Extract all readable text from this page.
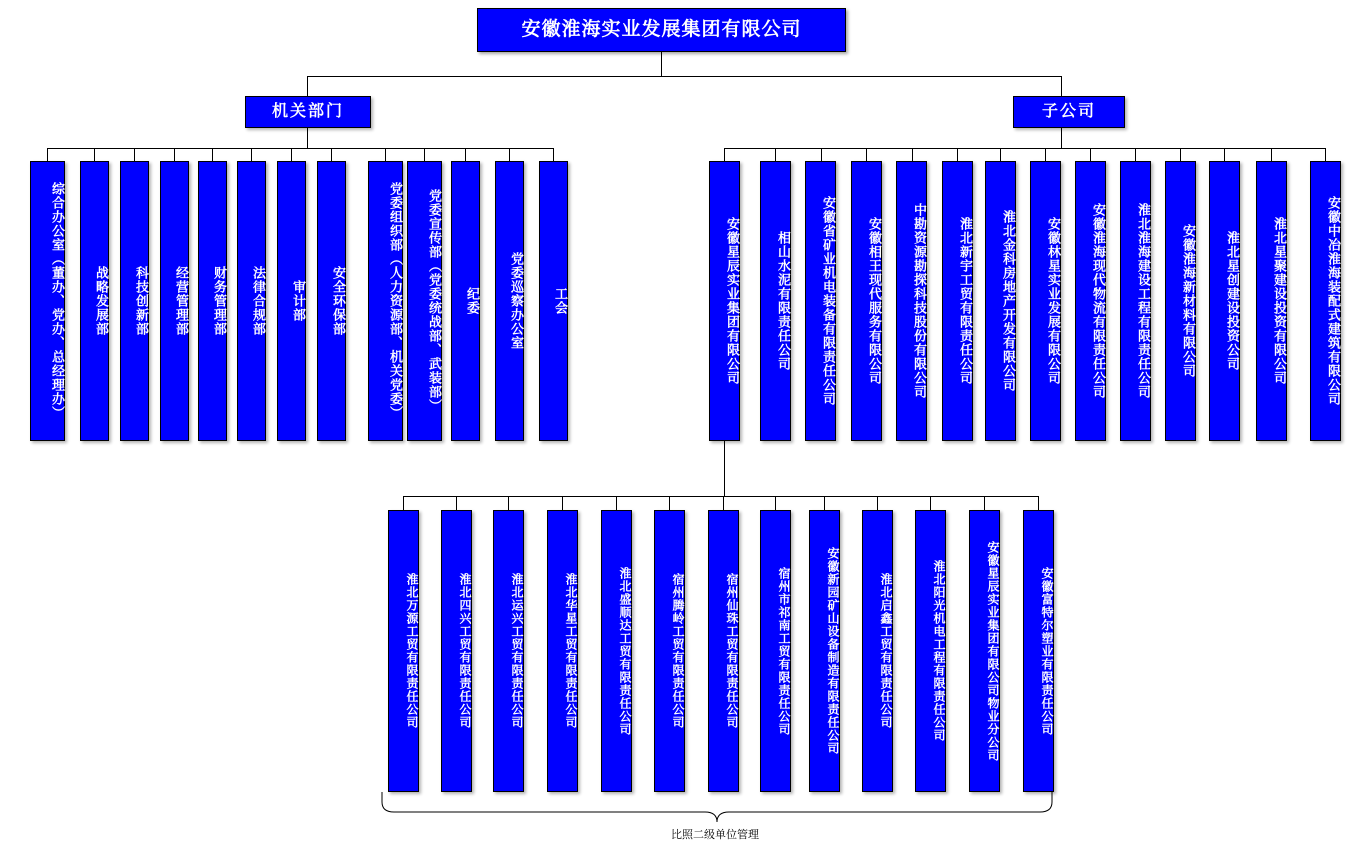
安徽淮海实业发展集团有限公司
机关部门	子公司
综合办公室（董办、党办、总经理办）	战略发展部	科技创新部	经营管理部	财务管理部	法律合规部	审计部	安全环保部	党委组织部（人力资源部、机关党委）	党委宣传部（党委统战部、武装部）	纪委	党委巡察办公室	工会	安徽星辰实业集团有限公司	相山水泥有限责任公司	安徽省矿业机电装备有限责任公司	安徽相王现代服务有限公司	中勘资源勘探科技股份有限公司	淮北新宇工贸有限责任公司	淮北金科房地产开发有限公司	安徽林星实业发展有限公司	安徽淮海现代物流有限责任公司	淮北淮海建设工程有限责任公司	安徽淮海新材料有限公司	淮北星创建设投资公司	淮北星聚建设投资有限公司	安徽中冶淮海装配式建筑有限公司
淮北万源工贸有限责任公司	淮北四兴工贸有限责任公司	淮北运兴工贸有限责任公司	淮北华星工贸有限责任公司	淮北盛顺达工贸有限责任公司	宿州腾岭工贸有限责任公司	宿州仙珠工贸有限责任公司	宿州市祁南工贸有限责任公司	安徽新园矿山设备制造有限责任公司	淮北启鑫工贸有限责任公司	淮北阳光机电工程有限责任公司	安徽星辰实业集团有限公司物业分公司	安徽富特尔塑业有限责任公司
比照二级单位管理
